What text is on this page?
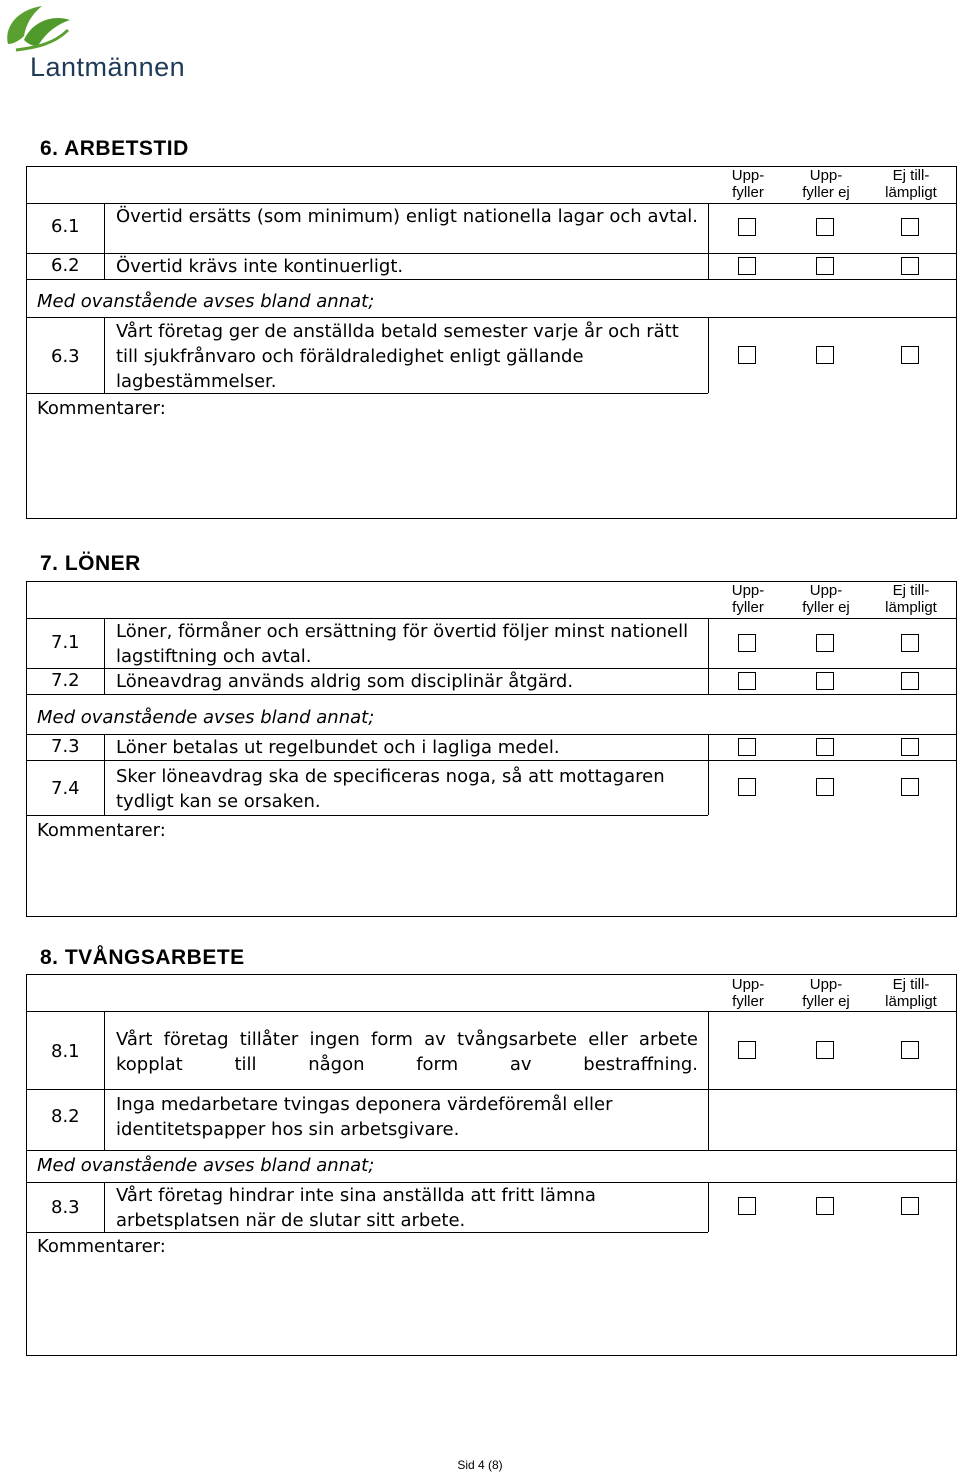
Lantmännen
6. ARBETSTID
Upp-
fyller
Upp-
fyller ej
Ej till-
lämpligt
6.1 Övertid ersätts (som minimum) enligt nationella lagar och avtal.
6.2 Övertid krävs inte kontinuerligt.
Med ovanstående avses bland annat;
6.3
Vårt företag ger de anställda betald semester varje år och rätt till sjukfrånvaro och föräldraledighet enligt gällande lagbestämmelser.
Kommentarer:
7. LÖNER
Upp-
fyller
Upp-
fyller ej
Ej till-
lämpligt
7.1
Löner, förmåner och ersättning för övertid följer minst nationell lagstiftning och avtal.
7.2 Löneavdrag används aldrig som disciplinär åtgärd.
Med ovanstående avses bland annat;
7.3 Löner betalas ut regelbundet och i lagliga medel.
7.4
Sker löneavdrag ska de specificeras noga, så att mottagaren tydligt kan se orsaken.
Kommentarer:
8. TVÅNGSARBETE
Upp-
fyller
Upp-
fyller ej
Ej till-
lämpligt
8.1
Vårt företag tillåter ingen form av tvångsarbete eller arbete kopplat till någon form av bestraffning.
8.2
Inga medarbetare tvingas deponera värdeföremål eller identitetspapper hos sin arbetsgivare.
Med ovanstående avses bland annat;
8.3
Vårt företag hindrar inte sina anställda att fritt lämna arbetsplatsen när de slutar sitt arbete.
Kommentarer:
Sid 4 (8)
